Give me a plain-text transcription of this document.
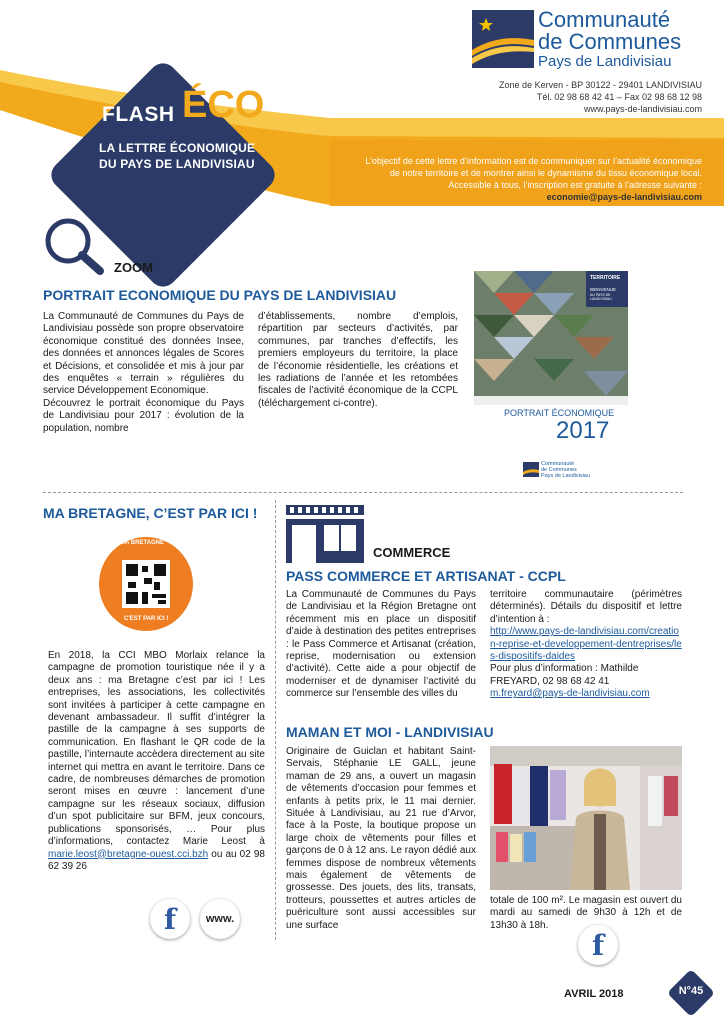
FLASH ÉCO
LA LETTRE ÉCONOMIQUE
DU PAYS DE LANDIVISIAU
Communauté
de Communes
Pays de Landivisiau
Zone de Kerven - BP 30122 - 29401 LANDIVISIAU
Tél. 02 98 68 42 41 – Fax 02 98 68 12 98
www.pays-de-landivisiau.com
L’objectif de cette lettre d’information est de communiquer sur l’actualité économique
de notre territoire et de montrer ainsi le dynamisme du tissu économique local.
Accessible à tous, l’inscription est gratuite à l’adresse suivante :
economie@pays-de-landivisiau.com
ZOOM
PORTRAIT ECONOMIQUE DU PAYS DE LANDIVISIAU
La Communauté de Communes du Pays de Landivisiau possède son propre observatoire économique constitué des données Insee, des données et annonces légales de Scores et Décisions, et consolidée et mis à jour par des enquêtes « terrain » régulières du service Développement Economique.
Découvrez le portrait économique du Pays de Landivisiau pour 2017 : évolution de la population, nombre
d’établissements, nombre d’emplois, répartition par secteurs d’activités, par communes, par tranches d’effectifs, les premiers employeurs du territoire, la place de l’économie résidentielle, les créations et les radiations de l’année et les retombées fiscales de l’activité économique de la CCPL (téléchargement ci-contre).
TERRITOIRE
BIENVENUE
AU PAYS DE LANDIVISIAU
PORTRAIT ÉCONOMIQUE
2017
Communauté
de Communes
Pays de Landivisiau
MA BRETAGNE, C’EST PAR ICI !
MA BRETAGNE
C'EST PAR ICI !
En 2018, la CCI MBO Morlaix relance la campagne de promotion touristique née il y a deux ans : ma Bretagne c’est par ici ! Les entreprises, les associations, les collectivités sont invitées à participer à cette campagne en devenant ambassadeur. Il suffit d’intégrer la pastille de la campagne à ses supports de communication. En flashant le QR code de la pastille, l’internaute accèdera directement au site internet qui mettra en avant le territoire. Dans ce cadre, de nombreuses démarches de promotion seront mises en œuvre : lancement d’une campagne sur les réseaux sociaux, diffusion d’un spot publicitaire sur BFM, jeux concours, publications sponsorisés, … Pour plus d’informations, contactez Marie Leost à marie.leost@bretagne-ouest.cci.bzh ou au 02 98 62 39 26
f	www.
COMMERCE
PASS COMMERCE ET ARTISANAT - CCPL
La Communauté de Communes du Pays de Landivisiau et la Région Bretagne ont récemment mis en place un dispositif d’aide à destination des petites entreprises : le Pass Commerce et Artisanat (création, reprise, modernisation ou extension d’activité). Cette aide a pour objectif de moderniser et de dynamiser l’activité du commerce sur l’ensemble des villes du
territoire communautaire (périmètres déterminés). Détails du dispositif et lettre d’intention à :
http://www.pays-de-landivisiau.com/creation-reprise-et-developpement-dentreprises/les-dispositifs-daides
Pour plus d’information : Mathilde FREYARD, 02 98 68 42 41
m.freyard@pays-de-landivisiau.com
MAMAN ET MOI - LANDIVISIAU
Originaire de Guiclan et habitant Saint-Servais, Stéphanie LE GALL, jeune maman de 29 ans, a ouvert un magasin de vêtements d’occasion pour femmes et enfants à petits prix, le 11 mai dernier. Située à Landivisiau, au 21 rue d’Arvor, face à la Poste, la boutique propose un large choix de vêtements pour filles et garçons de 0 à 12 ans. Le rayon dédié aux femmes dispose de nombreux vêtements mais également de vêtements de grossesse. Des jouets, des lits, transats, trotteurs, poussettes et autres articles de puériculture sont aussi accessibles sur une surface
totale de 100 m². Le magasin est ouvert du mardi au samedi de 9h30 à 12h et de 13h30 à 18h.
f
AVRIL 2018	N°45
